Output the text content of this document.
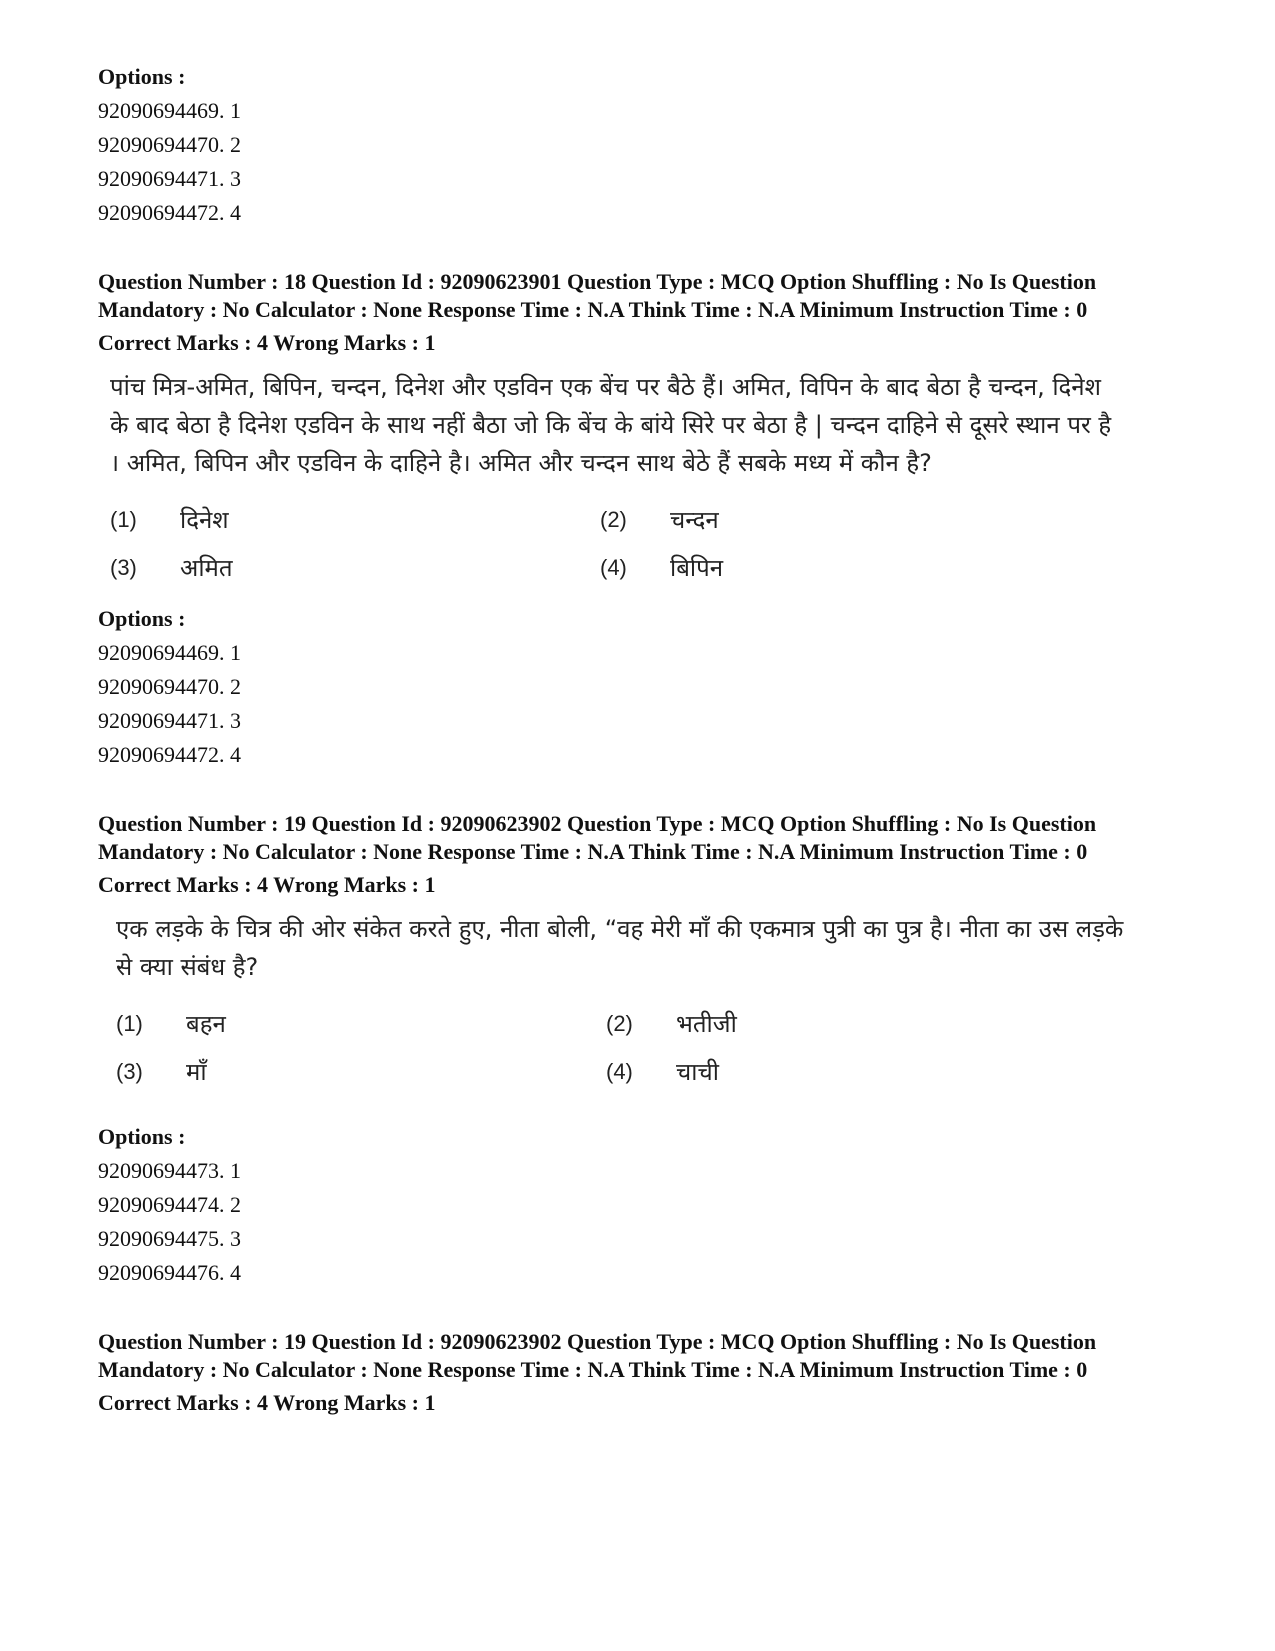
Options :
92090694469. 1
92090694470. 2
92090694471. 3
92090694472. 4
Question Number : 18 Question Id : 92090623901 Question Type : MCQ Option Shuffling : No Is Question Mandatory : No Calculator : None Response Time : N.A Think Time : N.A Minimum Instruction Time : 0
Correct Marks : 4 Wrong Marks : 1
पांच मित्र-अमित, बिपिन, चन्दन, दिनेश और एडविन एक बेंच पर बैठे हैं। अमित, विपिन के बाद बेठा है चन्दन, दिनेश के बाद बेठा है दिनेश एडविन के साथ नहीं बैठा जो कि बेंच के बांये सिरे पर बेठा है | चन्दन दाहिने से दूसरे स्थान पर है । अमित, बिपिन और एडविन के दाहिने है। अमित और चन्दन साथ बेठे हैं सबके मध्य में कौन है?
(1)	दिनेश	(2)	चन्दन
(3)	अमित	(4)	बिपिन
Options :
92090694469. 1
92090694470. 2
92090694471. 3
92090694472. 4
Question Number : 19 Question Id : 92090623902 Question Type : MCQ Option Shuffling : No Is Question Mandatory : No Calculator : None Response Time : N.A Think Time : N.A Minimum Instruction Time : 0
Correct Marks : 4 Wrong Marks : 1
एक लड़के के चित्र की ओर संकेत करते हुए, नीता बोली, “वह मेरी माँ की एकमात्र पुत्री का पुत्र है। नीता का उस लड़के से क्या संबंध है?
(1)	बहन	(2)	भतीजी
(3)	माँ	(4)	चाची
Options :
92090694473. 1
92090694474. 2
92090694475. 3
92090694476. 4
Question Number : 19 Question Id : 92090623902 Question Type : MCQ Option Shuffling : No Is Question Mandatory : No Calculator : None Response Time : N.A Think Time : N.A Minimum Instruction Time : 0
Correct Marks : 4 Wrong Marks : 1
